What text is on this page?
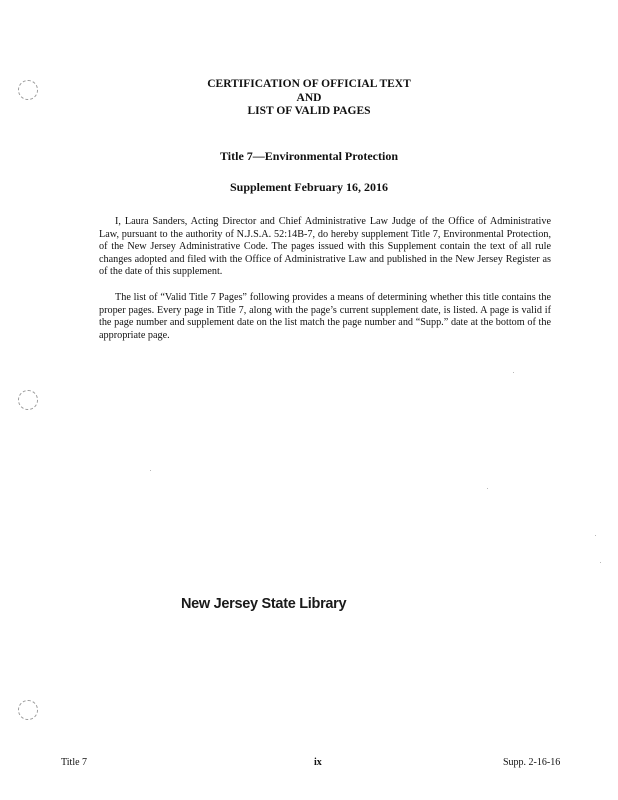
CERTIFICATION OF OFFICIAL TEXT
AND
LIST OF VALID PAGES
Title 7—Environmental Protection
Supplement February 16, 2016

I, Laura Sanders, Acting Director and Chief Administrative Law Judge of the Office of Administrative Law, pursuant to the authority of N.J.S.A. 52:14B-7, do hereby supplement Title 7, Environmental Protection, of the New Jersey Administrative Code. The pages issued with this Supplement contain the text of all rule changes adopted and filed with the Office of Administrative Law and published in the New Jersey Register as of the date of this supplement.

The list of “Valid Title 7 Pages” following provides a means of determining whether this title contains the proper pages. Every page in Title 7, along with the page’s current supplement date, is listed. A page is valid if the page number and supplement date on the list match the page number and “Supp.” date at the bottom of the appropriate page.

New Jersey State Library
Title 7	ix	Supp. 2-16-16
